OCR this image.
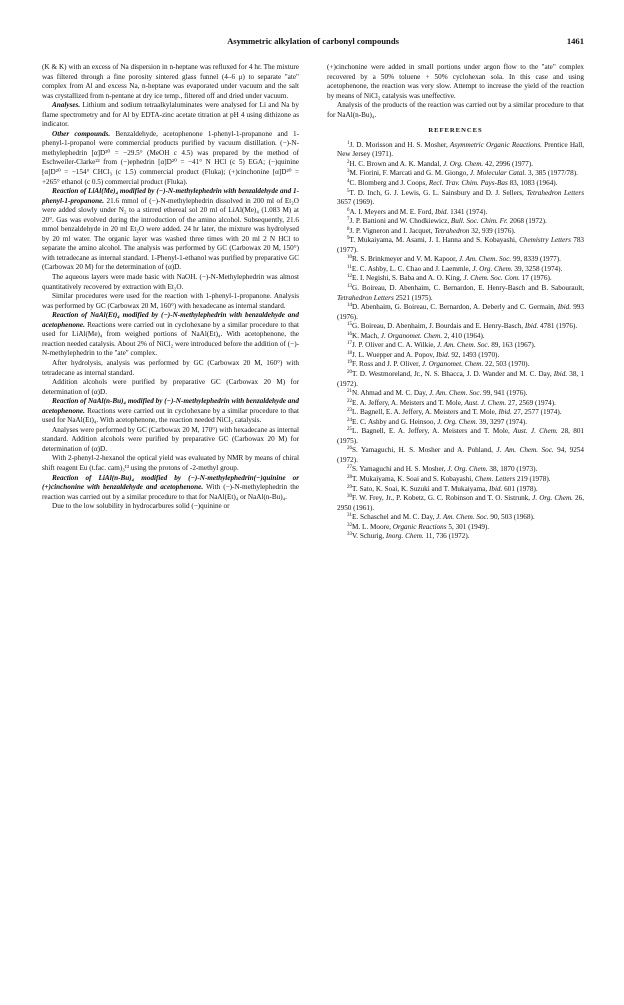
Asymmetric alkylation of carbonyl compounds	1461

(K & K) with an excess of Na dispersion in n-heptane was refluxed for 4 hr. The mixture was filtered through a fine porosity sintered glass funnel (4–6 μ) to separate "ate" complex from Al and excess Na, n-heptane was evaporated under vacuum and the salt was crystallized from n-pentane at dry ice temp., filtered off and dried under vacuum.

Analyses. Lithium and sodium tetraalkylaluminates were analysed for Li and Na by flame spectrometry and for Al by EDTA-zinc acetate titration at pH 4 using dithizone as indicator.

Other compounds. Benzaldehyde, acetophenone 1-phenyl-1-propanone and 1-phenyl-1-propanol were commercial products purified by vacuum distillation. (−)-N-methylephedrin [α]D²⁰ = −29.5° (MeOH c 4.5) was prepared by the method of Eschweiler-Clarke²² from (−)ephedrin [α]D²⁰ = −41° N HCl (c 5) EGA; (−)quinine [α]D²⁰ = −154° CHCl₃ (c 1.5) commercial product (Fluka); (+)cinchonine [α]D²⁰ = +265° ethanol (c 0.5) commercial product (Fluka).

Reaction of LiAl(Me)₄ modified by (−)-N-methylephedrin with benzaldehyde and 1-phenyl-1-propanone. 21.6 mmol of (−)-N-methylephedrin dissolved in 200 ml of Et₂O were added slowly under N₂ to a stirred ethereal sol 20 ml of LiAl(Me)₄ (1.083 M) at 20°. Gas was evolved during the introduction of the amino alcohol. Subsequently, 21.6 mmol benzaldehyde in 20 ml Et₂O were added. 24 hr later, the mixture was hydrolysed by 20 ml water. The organic layer was washed three times with 20 ml 2 N HCl to separate the amino alcohol. The analysis was performed by GC (Carbowax 20 M, 150°) with tetradecane as internal standard. 1-Phenyl-1-ethanol was purified by preparative GC (Carbowax 20 M) for the determination of (α)D.

The aqueous layers were made basic with NaOH. (−)-N-Methylephedrin was almost quantitatively recovered by extraction with Et₂O.

Similar procedures were used for the reaction with 1-phenyl-1-propanone. Analysis was performed by GC (Carbowax 20 M, 160°) with hexadecane as internal standard.

Reaction of NaAl(Et)₄ modified by (−)-N-methylephedrin with benzaldehyde and acetophenone. Reactions were carried out in cyclohexane by a similar procedure to that used for LiAl(Me)₄ from weighed portions of NaAl(Et)₄. With acetophenone, the reaction needed catalysis. About 2% of NiCl₂ were introduced before the addition of (−)-N-methylephedrin to the "ate" complex.

After hydrolysis, analysis was performed by GC (Carbowax 20 M, 160°) with tetradecane as internal standard.

Addition alcohols were purified by preparative GC (Carbowax 20 M) for determination of (α)D.

Reaction of NaAl(n-Bu)₄ modified by (−)-N-methylephedrin with benzaldehyde and acetophenone. Reactions were carried out in cyclohexane by a similar procedure to that used for NaAl(Et)₄. With acetophenone, the reaction needed NiCl₂ catalysis.

Analyses were performed by GC (Carbowax 20 M, 170°) with hexadecane as internal standard. Addition alcohols were purified by preparative GC (Carbowax 20 M) for determination of (α)D.

With 2-phenyl-2-hexanol the optical yield was evaluated by NMR by means of chiral shift reagent Eu (t.fac. cam)₃¹³ using the protons of -2-methyl group.

Reaction of LiAl(n-Bu)₄ modified by (−)-N-methylephedrin(−)quinine or (+)cinchonine with benzaldehyde and acetophenone. With (−)-N-methylephedrin the reaction was carried out by a similar procedure to that for NaAl(Et)₄ or NaAl(n-Bu)₄.

Due to the low solubility in hydrocarbures solid (−)quinine or

(+)cinchonine were added in small portions under argon flow to the "ate" complex recovered by a 50% toluene + 50% cyclohexan sola. In this case and using acetophenone, the reaction was very slow. Attempt to increase the yield of the reaction by means of NiCl₂ catalysis was uneffective.

Analysis of the products of the reaction was carried out by a similar procedure to that for NaAl(n-Bu)₄.

REFERENCES

$^1$J. D. Morisson and H. S. Mosher, Asymmetric Organic Reactions. Prentice Hall, New Jersey (1971).

$^2$H. C. Brown and A. K. Mandal, J. Org. Chem. 42, 2996 (1977).

$^3$M. Fiorini, F. Marcati and G. M. Giongo, J. Molecular Catal. 3, 385 (1977/78).

$^4$C. Blomberg and J. Coops, Recl. Trav. Chim. Pays-Bas 83, 1083 (1964).

$^5$T. D. Inch, G. J. Lewis, G. L. Sainsbury and D. J. Sellers, Tetrahedron Letters 3657 (1969).

$^6$A. I. Meyers and M. E. Ford, Ibid. 1341 (1974).

$^7$J. P. Battioni and W. Chodkiewicz, Bull. Soc. Chim. Fr. 2068 (1972).

$^8$J. P. Vigneron and I. Jacquet, Tetrahedron 32, 939 (1976).

$^9$T. Mukaiyama, M. Asami, J. I. Hanna and S. Kobayashi, Chemistry Letters 783 (1977).

$^{10}$R. S. Brinkmeyer and V. M. Kapoor, J. Am. Chem. Soc. 99, 8339 (1977).

$^{11}$E. C. Ashby, L. C. Chao and J. Laemmle, J. Org. Chem. 39, 3258 (1974).

$^{12}$E. I. Negishi, S. Baba and A. O. King, J. Chem. Soc. Com. 17 (1976).

$^{13}$G. Boireau, D. Abenhaim, C. Bernardon, E. Henry-Basch and B. Sabourault, Tetrahedron Letters 2521 (1975).

$^{14}$D. Abenhaim, G. Boireau, C. Bernardon, A. Deberly and C. Germain, Ibid. 993 (1976).

$^{15}$G. Boireau, D. Abenhaim, J. Bourdais and E. Henry-Basch, Ibid. 4781 (1976).

$^{16}$K. Mach, J. Organomet. Chem. 2, 410 (1964).

$^{17}$J. P. Oliver and C. A. Wilkie, J. Am. Chem. Soc. 89, 163 (1967).

$^{18}$J. L. Wuepper and A. Popov, Ibid. 92, 1493 (1970).

$^{19}$F. Ross and J. P. Oliver, J. Organomet. Chem. 22, 503 (1970).

$^{20}$T. D. Westmoreland, Jr., N. S. Bhacca, J. D. Wander and M. C. Day, Ibid. 38, 1 (1972).

$^{21}$N. Ahmad and M. C. Day, J. Am. Chem. Soc. 99, 941 (1976).

$^{22}$E. A. Jeffery, A. Meisters and T. Mole, Aust. J. Chem. 27, 2569 (1974).

$^{23}$L. Bagnell, E. A. Jeffery, A. Meisters and T. Mole, Ibid. 27, 2577 (1974).

$^{24}$E. C. Ashby and G. Heinsoo, J. Org. Chem. 39, 3297 (1974).

$^{25}$L. Bagnell, E. A. Jeffery, A. Meisters and T. Mole, Aust. J. Chem. 28, 801 (1975).

$^{26}$S. Yamaguchi, H. S. Mosher and A. Pohland, J. Am. Chem. Soc. 94, 9254 (1972).

$^{27}$S. Yamaguchi and H. S. Mosher, J. Org. Chem. 38, 1870 (1973).

$^{28}$T. Mukaiyama, K. Soai and S. Kobayashi, Chem. Letters 219 (1978).

$^{29}$T. Sato, K. Soai, K. Suzuki and T. Mukaiyama, Ibid. 601 (1978).

$^{30}$F. W. Frey, Jr., P. Kobetz, G. C. Robinson and T. O. Sistrunk, J. Org. Chem. 26, 2950 (1961).

$^{31}$E. Schaschel and M. C. Day, J. Am. Chem. Soc. 90, 503 (1968).

$^{32}$M. L. Moore, Organic Reactions 5, 301 (1949).

$^{33}$V. Schurig, Inorg. Chem. 11, 736 (1972).
